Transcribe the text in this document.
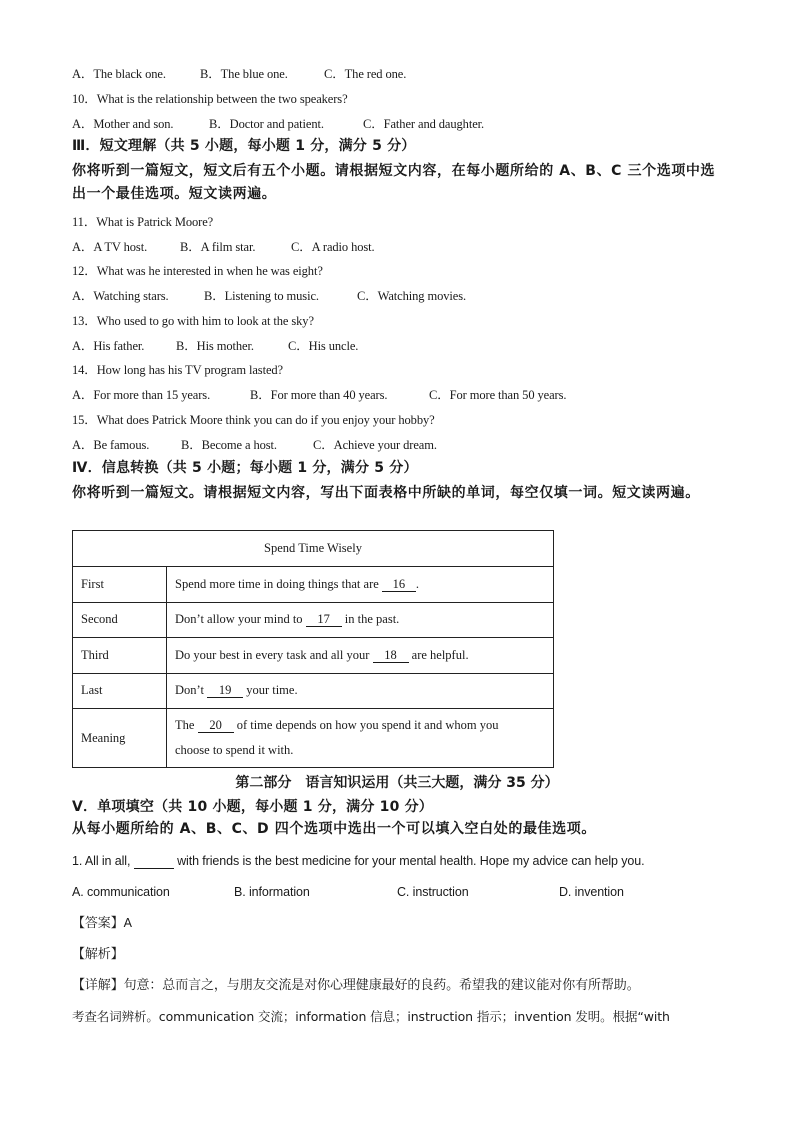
A．The black one.	B．The blue one.	C．The red one.
10．What is the relationship between the two speakers?
A．Mother and son.	B．Doctor and patient.	C．Father and daughter.
Ⅲ．短文理解（共 5 小题，每小题 1 分，满分 5 分）
你将听到一篇短文，短文后有五个小题。请根据短文内容，在每小题所给的 A、B、C 三个选项中选出一个最佳选项。短文读两遍。
11．What is Patrick Moore?
A．A TV host.	B．A film star.	C．A radio host.
12．What was he interested in when he was eight?
A．Watching stars.	B．Listening to music.	C．Watching movies.
13．Who used to go with him to look at the sky?
A．His father.	B．His mother.	C．His uncle.
14．How long has his TV program lasted?
A．For more than 15 years.	B．For more than 40 years.	C．For more than 50 years.
15．What does Patrick Moore think you can do if you enjoy your hobby?
A．Be famous.	B．Become a host.	C．Achieve your dream.
Ⅳ．信息转换（共 5 小题；每小题 1 分，满分 5 分）
你将听到一篇短文。请根据短文内容，写出下面表格中所缺的单词，每空仅填一词。短文读两遍。
Spend Time Wisely	
First	Spend more time in doing things that are 16 .
Second	Don’t allow your mind to 17 in the past.
Third	Do your best in every task and all your 18 are helpful.
Last	Don’t 19 your time.
Meaning	The 20 of time depends on how you spend it and whom you
choose to spend it with.
第二部分　语言知识运用（共三大题，满分 35 分）
Ⅴ．单项填空（共 10 小题，每小题 1 分，满分 10 分）
从每小题所给的 A、B、C、D 四个选项中选出一个可以填入空白处的最佳选项。
1. All in all,	with friends is the best medicine for your mental health. Hope my advice can help you.
A. communication	B. information	C. instruction	D. invention
【答案】A
【解析】
【详解】句意：总而言之，与朋友交流是对你心理健康最好的良药。希望我的建议能对你有所帮助。
考查名词辨析。communication 交流；information 信息；instruction 指示；invention 发明。根据“with
